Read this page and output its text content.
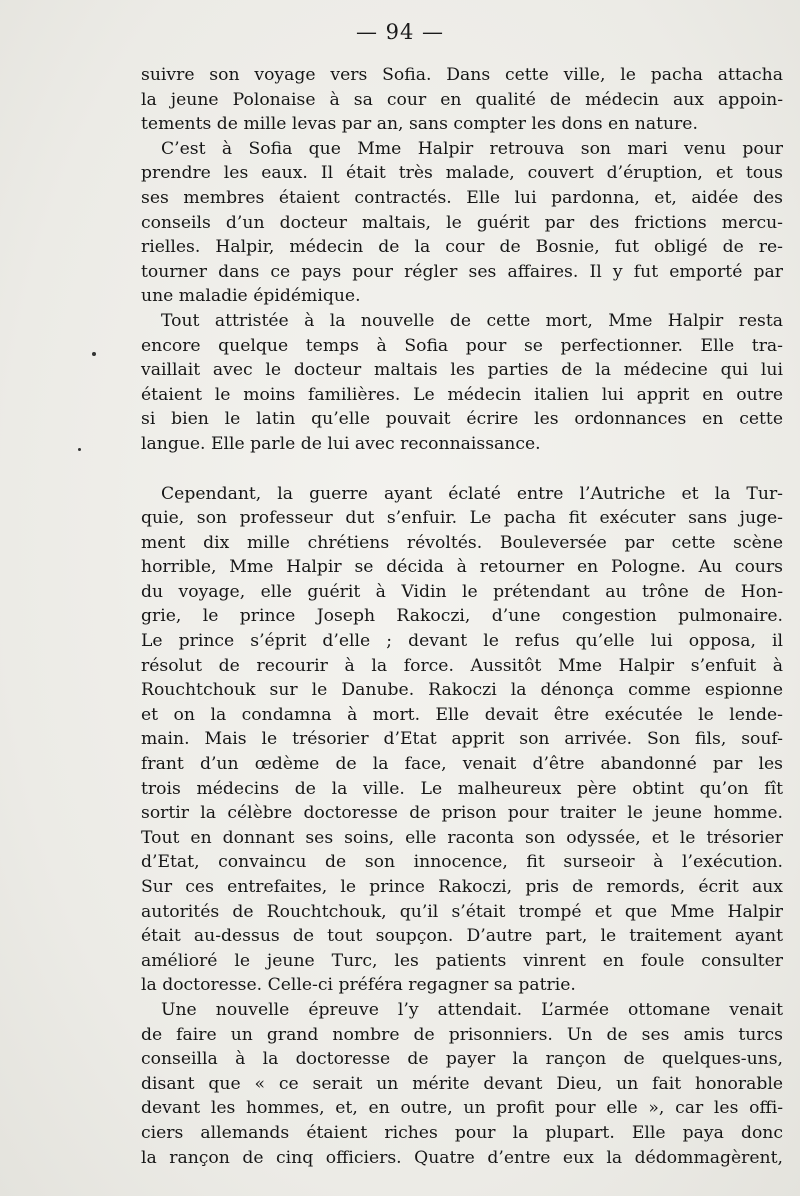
— 94 —
suivre son voyage vers Sofia. Dans cette ville, le pacha attacha
la jeune Polonaise à sa cour en qualité de médecin aux appoin-
tements de mille levas par an, sans compter les dons en nature.
C’est à Sofia que Mme Halpir retrouva son mari venu pour
prendre les eaux. Il était très malade, couvert d’éruption, et tous
ses membres étaient contractés. Elle lui pardonna, et, aidée des
conseils d’un docteur maltais, le guérit par des frictions mercu-
rielles. Halpir, médecin de la cour de Bosnie, fut obligé de re-
tourner dans ce pays pour régler ses affaires. Il y fut emporté par
une maladie épidémique.
Tout attristée à la nouvelle de cette mort, Mme Halpir resta
encore quelque temps à Sofia pour se perfectionner. Elle tra-
vaillait avec le docteur maltais les parties de la médecine qui lui
étaient le moins familières. Le médecin italien lui apprit en outre
si bien le latin qu’elle pouvait écrire les ordonnances en cette
langue. Elle parle de lui avec reconnaissance.
Cependant, la guerre ayant éclaté entre l’Autriche et la Tur-
quie, son professeur dut s’enfuir. Le pacha fit exécuter sans juge-
ment dix mille chrétiens révoltés. Bouleversée par cette scène
horrible, Mme Halpir se décida à retourner en Pologne. Au cours
du voyage, elle guérit à Vidin le prétendant au trône de Hon-
grie, le prince Joseph Rakoczi, d’une congestion pulmonaire.
Le prince s’éprit d’elle ; devant le refus qu’elle lui opposa, il
résolut de recourir à la force. Aussitôt Mme Halpir s’enfuit à
Rouchtchouk sur le Danube. Rakoczi la dénonça comme espionne
et on la condamna à mort. Elle devait être exécutée le lende-
main. Mais le trésorier d’Etat apprit son arrivée. Son fils, souf-
frant d’un œdème de la face, venait d’être abandonné par les
trois médecins de la ville. Le malheureux père obtint qu’on fît
sortir la célèbre doctoresse de prison pour traiter le jeune homme.
Tout en donnant ses soins, elle raconta son odyssée, et le trésorier
d’Etat, convaincu de son innocence, fit surseoir à l’exécution.
Sur ces entrefaites, le prince Rakoczi, pris de remords, écrit aux
autorités de Rouchtchouk, qu’il s’était trompé et que Mme Halpir
était au-dessus de tout soupçon. D’autre part, le traitement ayant
amélioré le jeune Turc, les patients vinrent en foule consulter
la doctoresse. Celle-ci préféra regagner sa patrie.
Une nouvelle épreuve l’y attendait. L’armée ottomane venait
de faire un grand nombre de prisonniers. Un de ses amis turcs
conseilla à la doctoresse de payer la rançon de quelques-uns,
disant que « ce serait un mérite devant Dieu, un fait honorable
devant les hommes, et, en outre, un profit pour elle », car les offi-
ciers allemands étaient riches pour la plupart. Elle paya donc
la rançon de cinq officiers. Quatre d’entre eux la dédommagèrent,
